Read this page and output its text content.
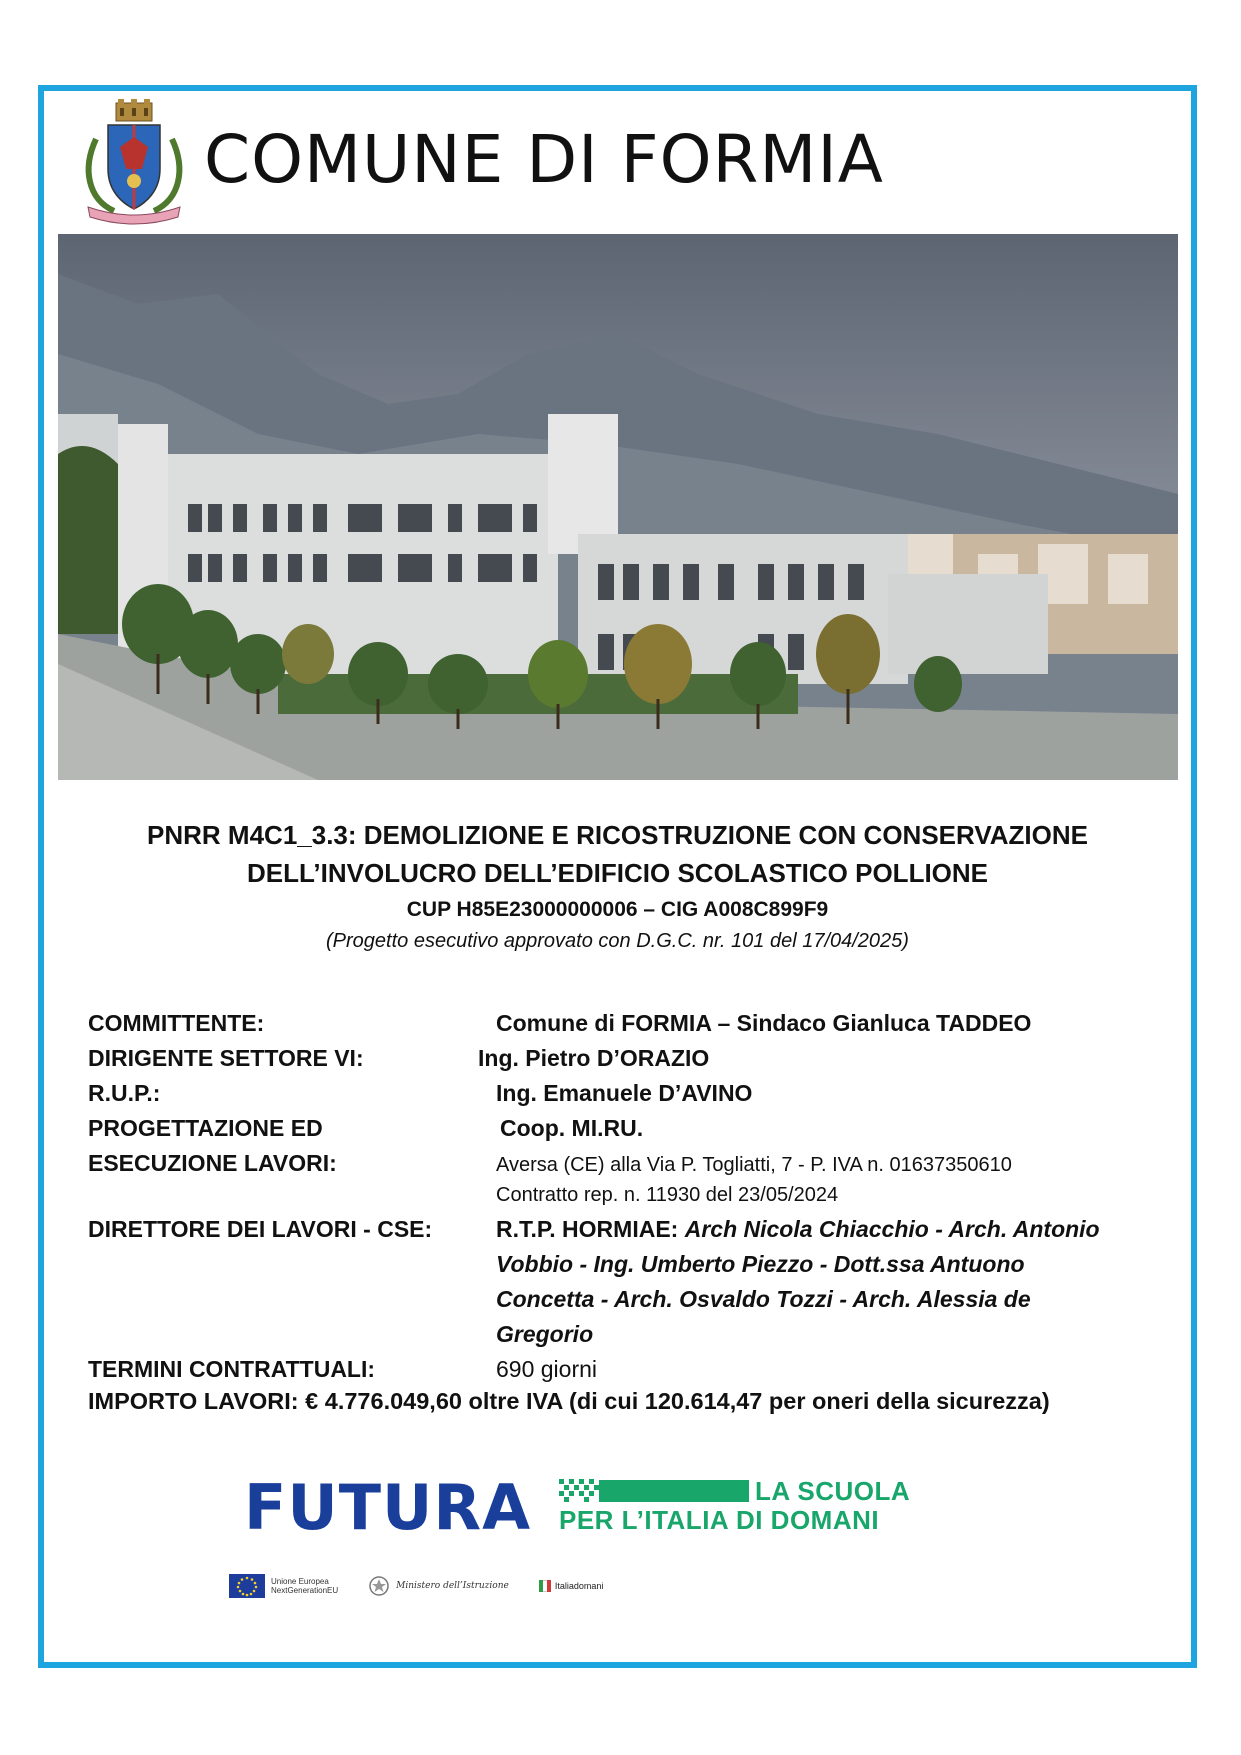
COMUNE DI FORMIA
PNRR M4C1_3.3: DEMOLIZIONE E RICOSTRUZIONE CON CONSERVAZIONE
DELL’INVOLUCRO DELL’EDIFICIO SCOLASTICO POLLIONE
CUP H85E23000000006 – CIG A008C899F9
(Progetto esecutivo approvato con D.G.C. nr. 101 del 17/04/2025)
COMMITTENTE:	Comune di FORMIA – Sindaco Gianluca TADDEO
DIRIGENTE SETTORE VI:	Ing. Pietro D’ORAZIO
R.U.P.:	Ing. Emanuele D’AVINO
PROGETTAZIONE ED	Coop. MI.RU.
ESECUZIONE LAVORI:	Aversa (CE) alla Via P. Togliatti, 7 - P. IVA n. 01637350610
Contratto rep. n. 11930 del 23/05/2024
DIRETTORE DEI LAVORI - CSE:	R.T.P. HORMIAE: Arch Nicola Chiacchio - Arch. Antonio
Vobbio - Ing. Umberto Piezzo - Dott.ssa Antuono
Concetta - Arch. Osvaldo Tozzi - Arch. Alessia de
Gregorio
TERMINI CONTRATTUALI:	690 giorni
IMPORTO LAVORI: € 4.776.049,60 oltre IVA (di cui 120.614,47 per oneri della sicurezza)
FUTURA	LA SCUOLA
PER L’ITALIA DI DOMANI
Unione Europea
NextGenerationEU	Ministero dell’Istruzione	Italiadomani
